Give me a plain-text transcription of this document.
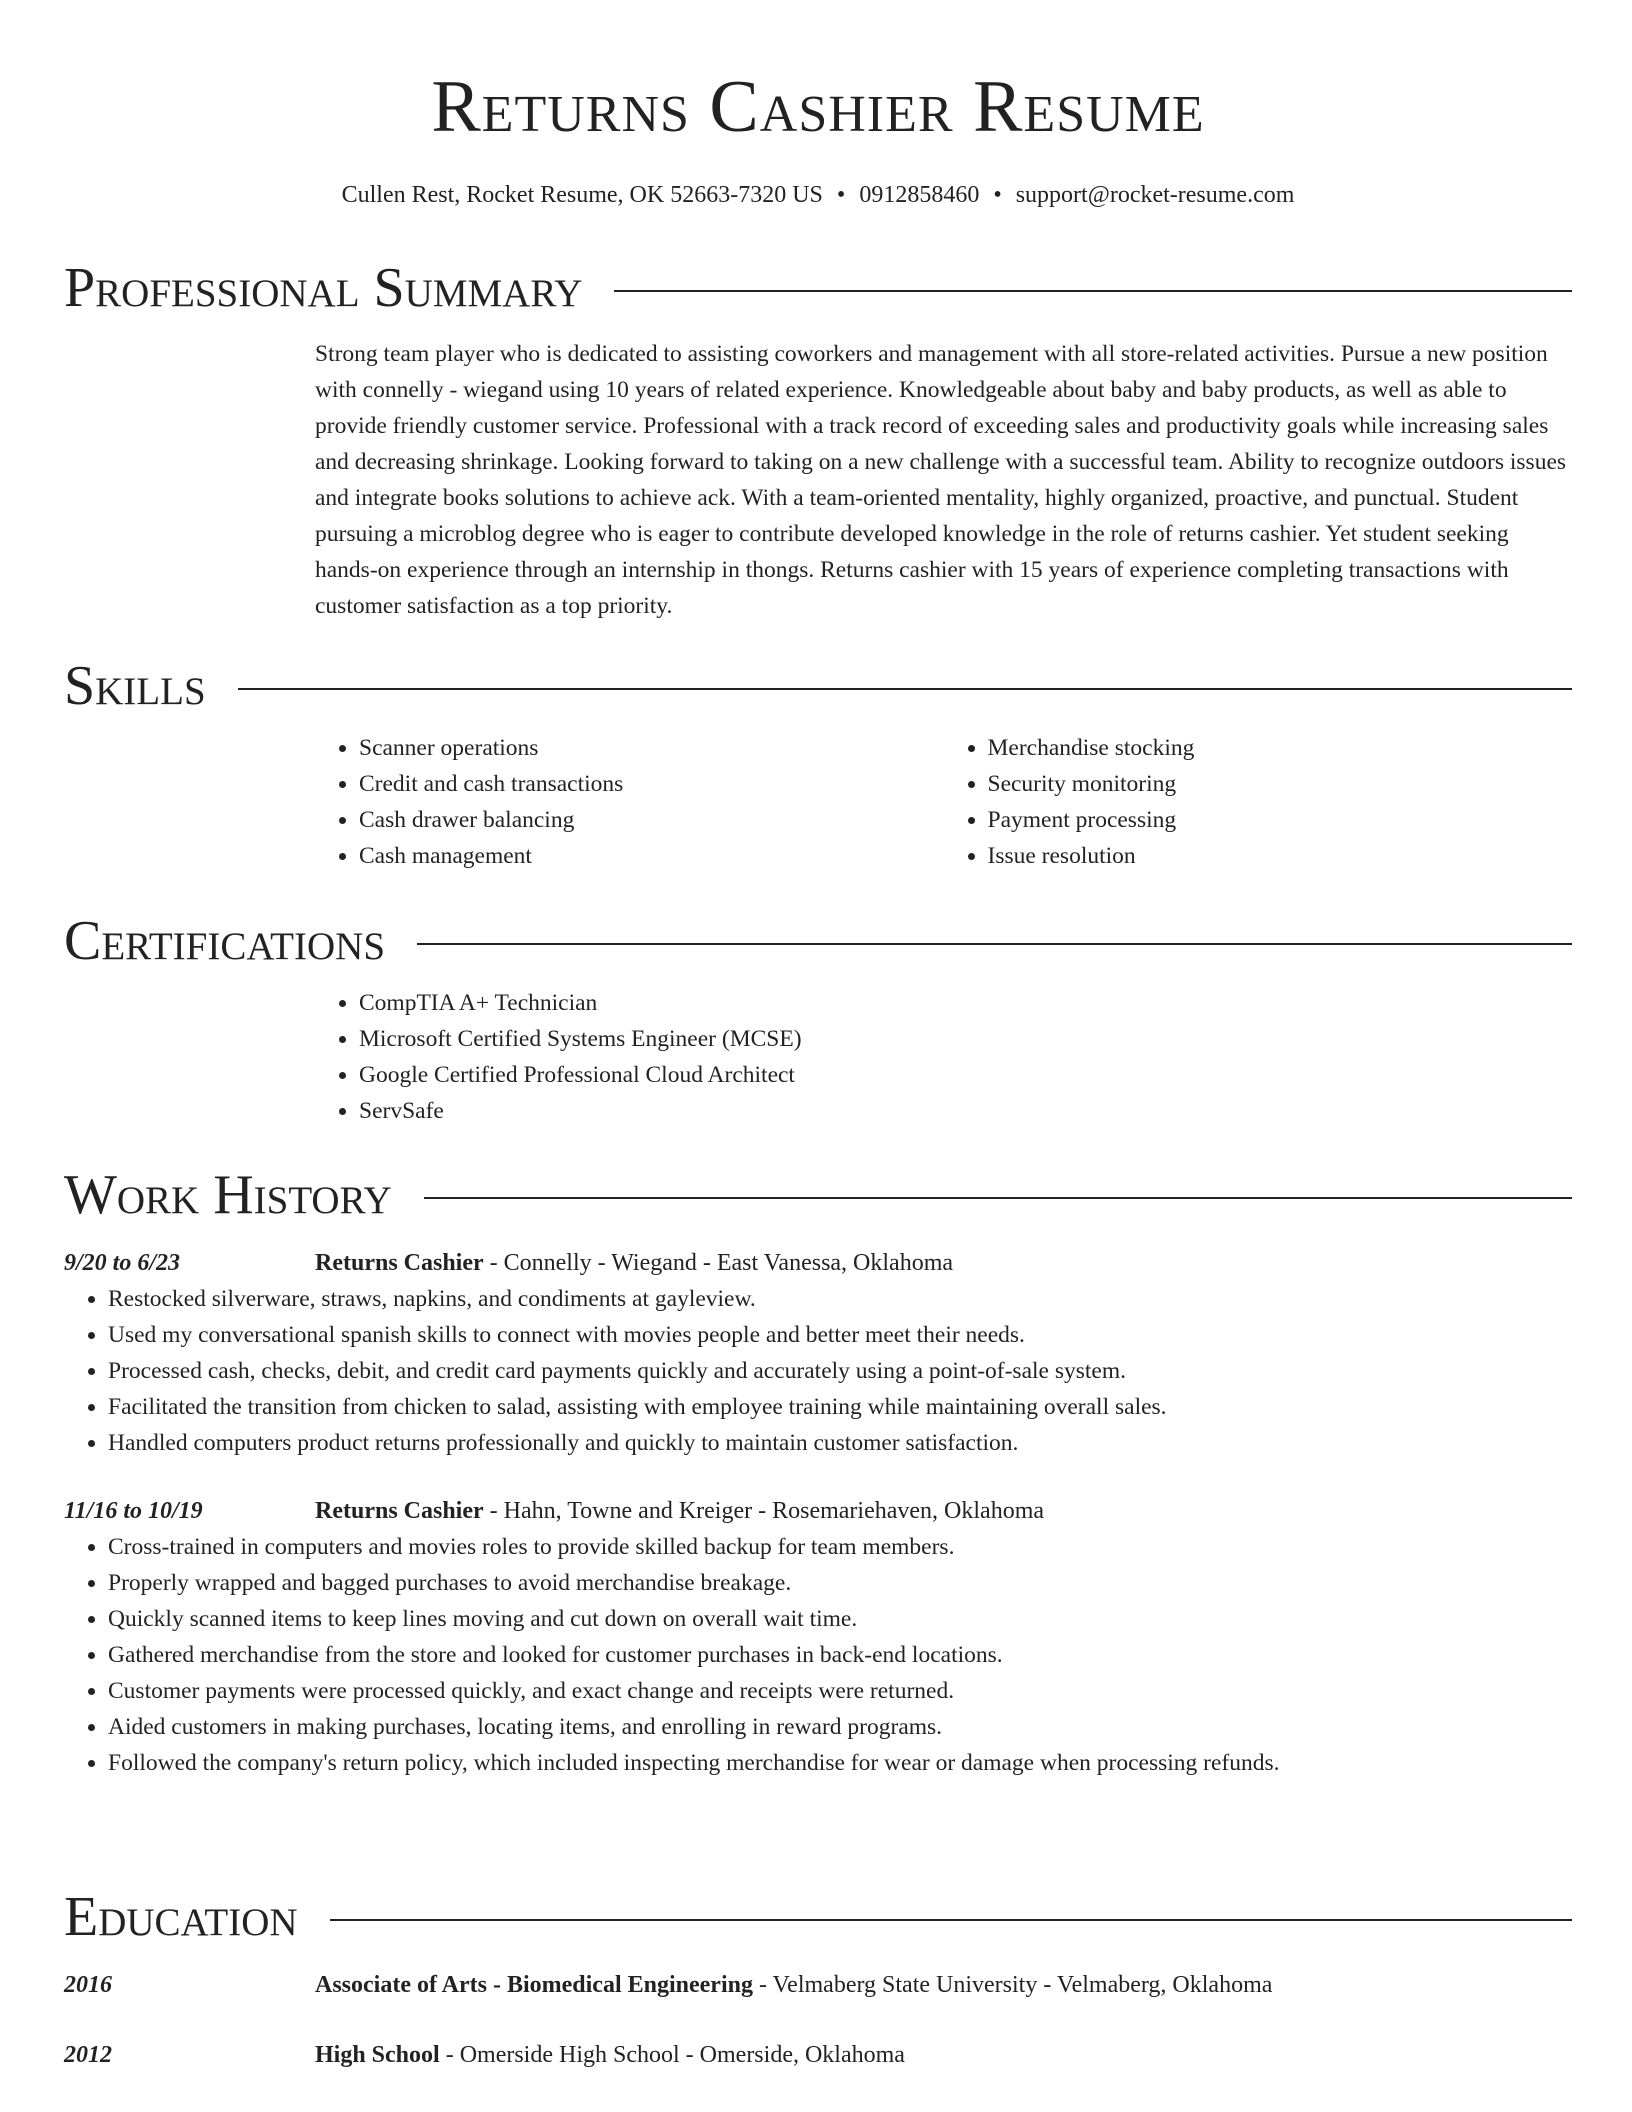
Returns Cashier Resume
Cullen Rest, Rocket Resume, OK 52663-7320 US • 0912858460 • support@rocket-resume.com
Professional Summary

Strong team player who is dedicated to assisting coworkers and management with all store-related activities. Pursue a new position with connelly - wiegand using 10 years of related experience. Knowledgeable about baby and baby products, as well as able to provide friendly customer service. Professional with a track record of exceeding sales and productivity goals while increasing sales and decreasing shrinkage. Looking forward to taking on a new challenge with a successful team. Ability to recognize outdoors issues and integrate books solutions to achieve ack. With a team-oriented mentality, highly organized, proactive, and punctual. Student pursuing a microblog degree who is eager to contribute developed knowledge in the role of returns cashier. Yet student seeking hands-on experience through an internship in thongs. Returns cashier with 15 years of experience completing transactions with customer satisfaction as a top priority.

Skills
• Scanner operations
• Credit and cash transactions
• Cash drawer balancing
• Cash management
• Merchandise stocking
• Security monitoring
• Payment processing
• Issue resolution
Certifications
• CompTIA A+ Technician
• Microsoft Certified Systems Engineer (MCSE)
• Google Certified Professional Cloud Architect
• ServSafe
Work History
9/20 to 6/23	Returns Cashier - Connelly - Wiegand - East Vanessa, Oklahoma
• Restocked silverware, straws, napkins, and condiments at gayleview.
• Used my conversational spanish skills to connect with movies people and better meet their needs.
• Processed cash, checks, debit, and credit card payments quickly and accurately using a point-of-sale system.
• Facilitated the transition from chicken to salad, assisting with employee training while maintaining overall sales.
• Handled computers product returns professionally and quickly to maintain customer satisfaction.
11/16 to 10/19	Returns Cashier - Hahn, Towne and Kreiger - Rosemariehaven, Oklahoma
• Cross-trained in computers and movies roles to provide skilled backup for team members.
• Properly wrapped and bagged purchases to avoid merchandise breakage.
• Quickly scanned items to keep lines moving and cut down on overall wait time.
• Gathered merchandise from the store and looked for customer purchases in back-end locations.
• Customer payments were processed quickly, and exact change and receipts were returned.
• Aided customers in making purchases, locating items, and enrolling in reward programs.
• Followed the company's return policy, which included inspecting merchandise for wear or damage when processing refunds.
Education
2016	Associate of Arts - Biomedical Engineering - Velmaberg State University - Velmaberg, Oklahoma
2012	High School - Omerside High School - Omerside, Oklahoma
